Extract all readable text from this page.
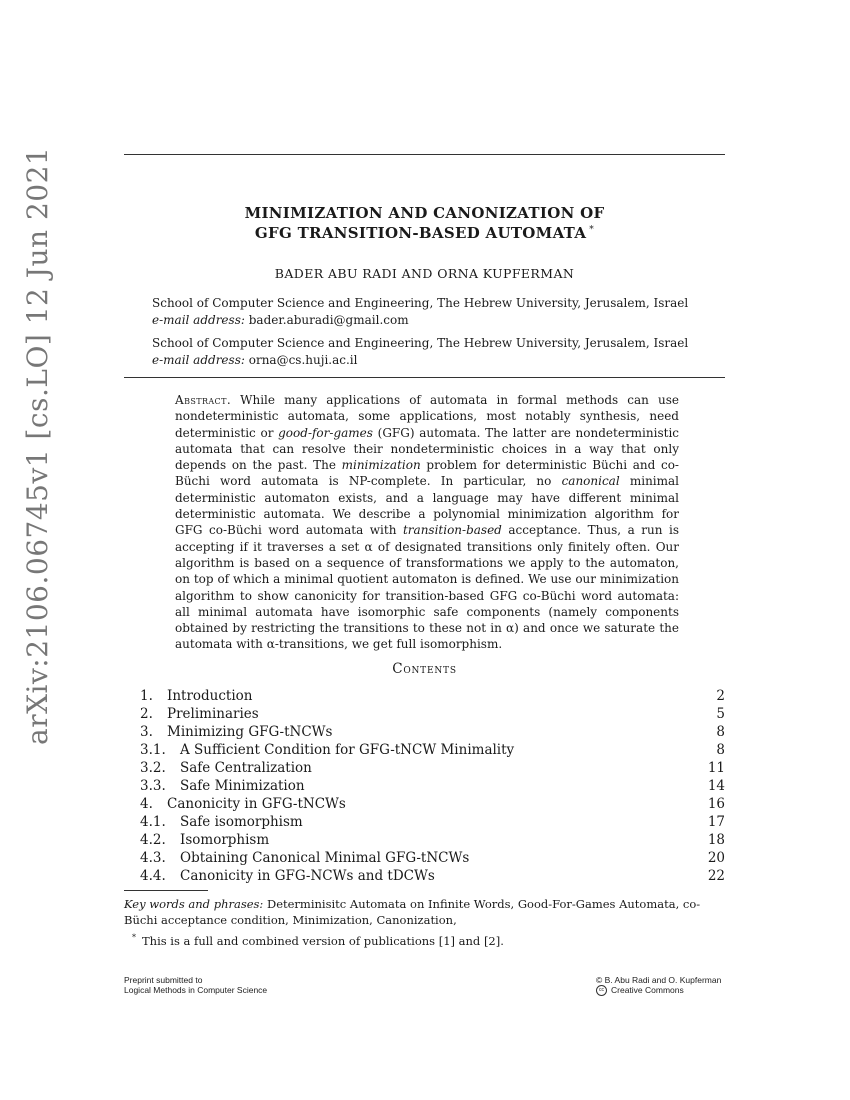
arXiv:2106.06745v1 [cs.LO] 12 Jun 2021	MINIMIZATION AND CANONIZATION OF
GFG TRANSITION-BASED AUTOMATA *
BADER ABU RADI AND ORNA KUPFERMAN
School of Computer Science and Engineering, The Hebrew University, Jerusalem, Israel
e-mail address: bader.aburadi@gmail.com
School of Computer Science and Engineering, The Hebrew University, Jerusalem, Israel
e-mail address: orna@cs.huji.ac.il
Abstract. While many applications of automata in formal methods can use nondeterministic automata, some applications, most notably synthesis, need deterministic or good-for-games (GFG) automata. The latter are nondeterministic automata that can resolve their nondeterministic choices in a way that only depends on the past. The minimization problem for deterministic Büchi and co-Büchi word automata is NP-complete. In particular, no canonical minimal deterministic automaton exists, and a language may have different minimal deterministic automata. We describe a polynomial minimization algorithm for GFG co-Büchi word automata with transition-based acceptance. Thus, a run is accepting if it traverses a set α of designated transitions only finitely often. Our algorithm is based on a sequence of transformations we apply to the automaton, on top of which a minimal quotient automaton is defined. We use our minimization algorithm to show canonicity for transition-based GFG co-Büchi word automata: all minimal automata have isomorphic safe components (namely components obtained by restricting the transitions to these not in α) and once we saturate the automata with α-transitions, we get full isomorphism.
Contents
1. Introduction	2
2. Preliminaries	5
3. Minimizing GFG-tNCWs	8
3.1. A Sufficient Condition for GFG-tNCW Minimality	8
3.2. Safe Centralization	11
3.3. Safe Minimization	14
4. Canonicity in GFG-tNCWs	16
4.1. Safe isomorphism	17
4.2. Isomorphism	18
4.3. Obtaining Canonical Minimal GFG-tNCWs	20
4.4. Canonicity in GFG-NCWs and tDCWs	22
Key words and phrases: Determinisitc Automata on Infinite Words, Good-For-Games Automata, co-Büchi acceptance condition, Minimization, Canonization,
* This is a full and combined version of publications [1] and [2].
Preprint submitted to
Logical Methods in Computer Science
© B. Abu Radi and O. Kupferman
cc Creative Commons
